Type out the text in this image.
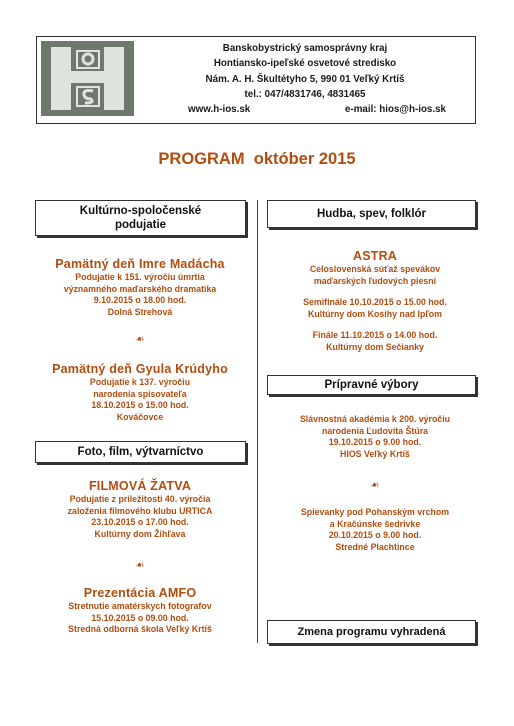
Banskobystrický samosprávny kraj
Hontiansko-ipeľské osvetové stredisko
Nám. A. H. Škultétyho 5, 990 01 Veľký Krtíš
tel.: 047/4831746, 4831465
www.h-ios.sk	e-mail: hios@h-ios.sk
PROGRAM  október 2015
Kultúrno-spoločenské
podujatie
Pamätný deň Imre Madácha
Podujatie k 151. výročiu úmrtia
významného maďarského dramatika
9.10.2015 o 18.00 hod.
Dolná Strehová
☙
Pamätný deň Gyula Krúdyho
Podujatie k 137. výročiu
narodenia spisovateľa
18.10.2015 o 15.00 hod.
Kováčovce
Foto, film, výtvarníctvo
FILMOVÁ ŽATVA
Podujatie z príležitosti 40. výročia
založenia filmového klubu URTICA
23.10.2015 o 17.00 hod.
Kultúrny dom Žihľava
☙
Prezentácia AMFO
Stretnutie amatérskych fotografov
15.10.2015 o 09.00 hod.
Stredná odborná škola Veľký Krtíš
Hudba, spev, folklór
ASTRA
Celoslovenská súťaž spevákov
maďarských ľudových piesní
Semifinále 10.10.2015 o 15.00 hod.
Kultúrny dom Kosihy nad Ipľom
Finále 11.10.2015 o 14.00 hod.
Kultúrny dom Sečianky
Prípravné výbory
Slávnostná akadémia k 200. výročiu
narodenia Ľudovíta Štúra
19.10.2015 o 9.00 hod.
HIOS Veľký Krtíš
☙
Spievanky pod Pohanským vrchom
a Kračúnske šedrivke
20.10.2015 o 9.00 hod.
Stredné Plachtince
Zmena programu vyhradená
